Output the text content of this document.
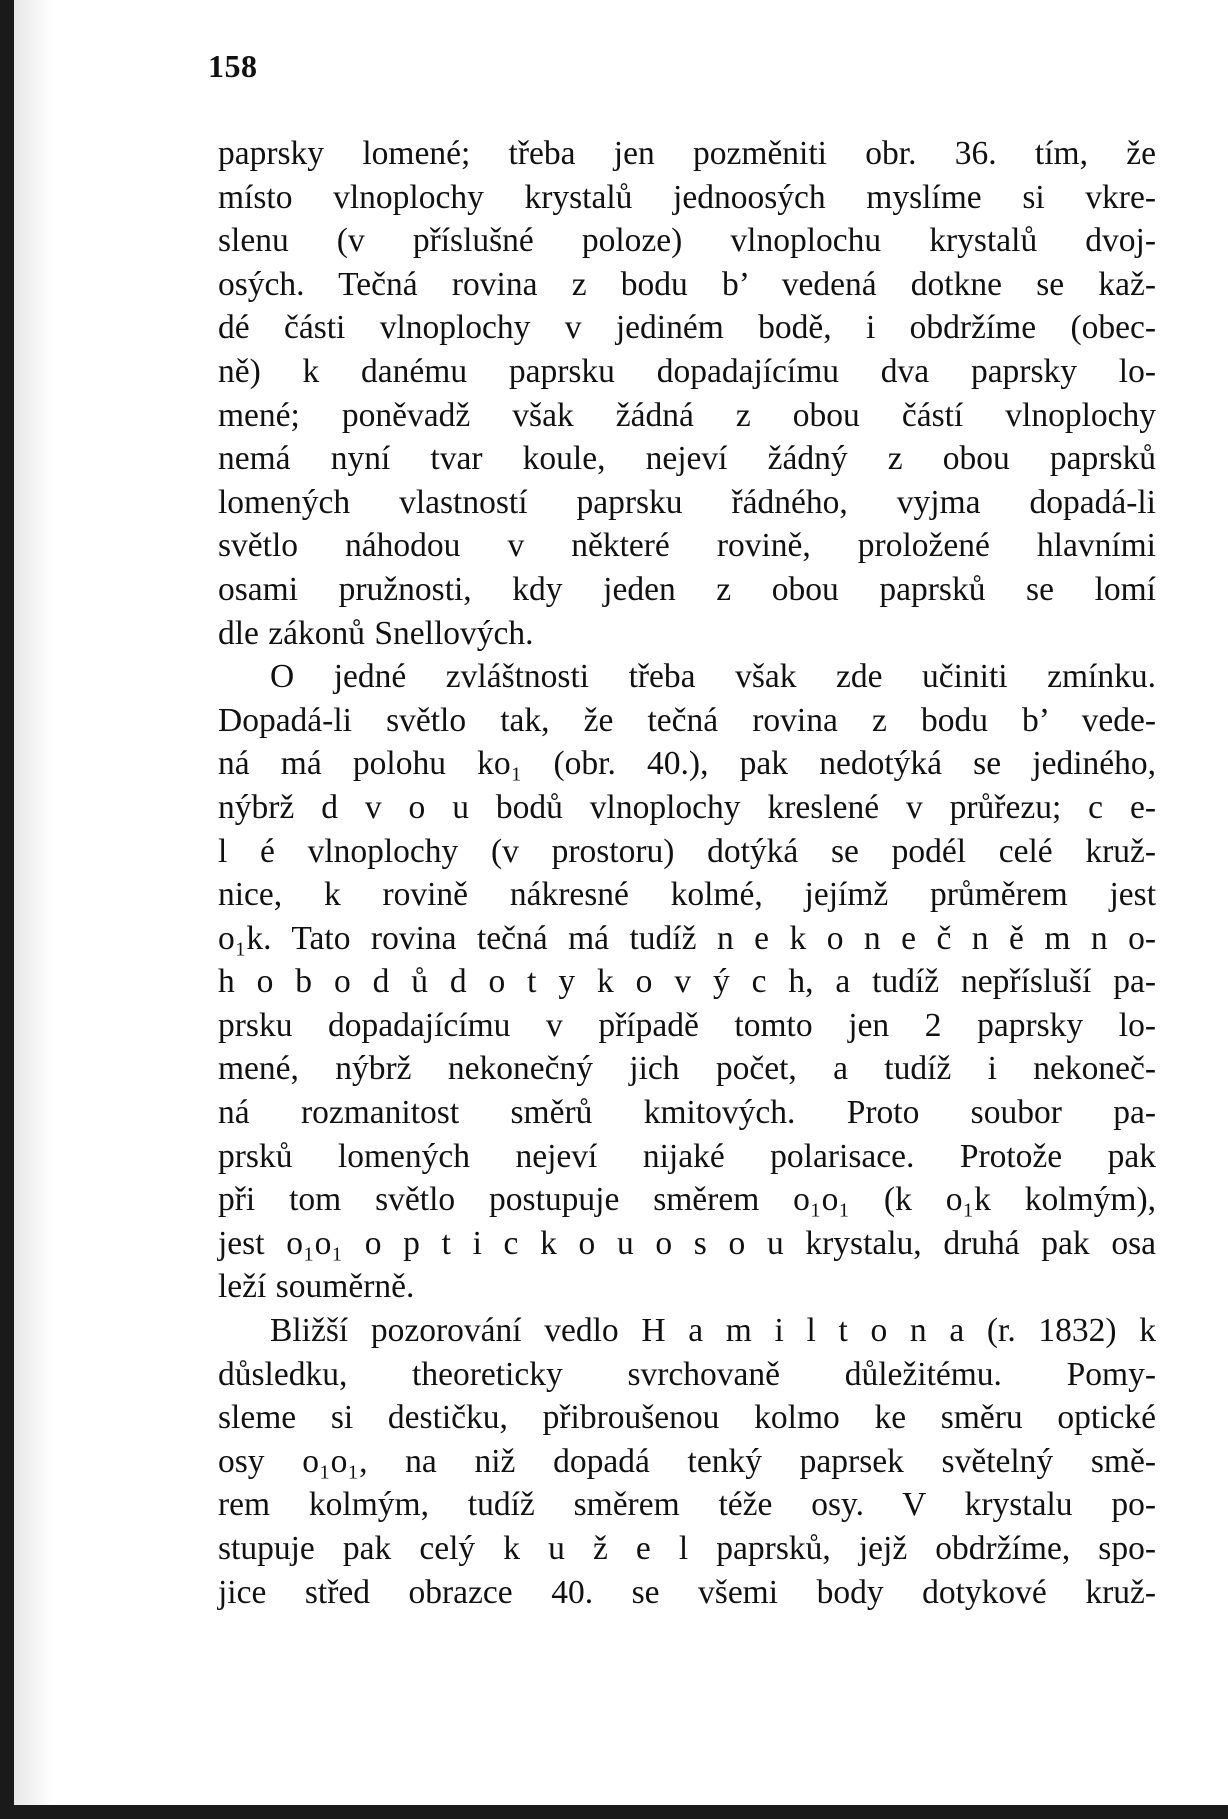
158
paprsky lomené; třeba jen pozměniti obr. 36. tím, že
místo vlnoplochy krystalů jednoosých myslíme si vkre-
slenu (v příslušné poloze) vlnoplochu krystalů dvoj-
osých. Tečná rovina z bodu b’ vedená dotkne se kaž-
dé části vlnoplochy v jediném bodě, i obdržíme (obec-
ně) k danému paprsku dopadajícímu dva paprsky lo-
mené; poněvadž však žádná z obou částí vlnoplochy
nemá nyní tvar koule, nejeví žádný z obou paprsků
lomených vlastností paprsku řádného, vyjma dopadá-li
světlo náhodou v některé rovině, proložené hlavními
osami pružnosti, kdy jeden z obou paprsků se lomí
dle zákonů Snellových.
O jedné zvláštnosti třeba však zde učiniti zmínku.
Dopadá-li světlo tak, že tečná rovina z bodu b’ vede-
ná má polohu ko₁ (obr. 40.), pak nedotýká se jediného,
nýbrž d v o u bodů vlnoplochy kreslené v průřezu; c e-
l é vlnoplochy (v prostoru) dotýká se podél celé kruž-
nice, k rovině nákresné kolmé, jejímž průměrem jest
o₁k. Tato rovina tečná má tudíž n e k o n e č n ě m n o-
h o b o d ů d o t y k o v ý c h, a tudíž nepřísluší pa-
prsku dopadajícímu v případě tomto jen 2 paprsky lo-
mené, nýbrž nekonečný jich počet, a tudíž i nekoneč-
ná rozmanitost směrů kmitových. Proto soubor pa-
prsků lomených nejeví nijaké polarisace. Protože pak
při tom světlo postupuje směrem o₁o₁ (k o₁k kolmým),
jest o₁o₁ o p t i c k o u o s o u krystalu, druhá pak osa
leží souměrně.
Bližší pozorování vedlo H a m i l t o n a (r. 1832) k
důsledku, theoreticky svrchovaně důležitému. Pomy-
sleme si destičku, přibroušenou kolmo ke směru optické
osy o₁o₁, na niž dopadá tenký paprsek světelný smě-
rem kolmým, tudíž směrem téže osy. V krystalu po-
stupuje pak celý k u ž e l paprsků, jejž obdržíme, spo-
jice střed obrazce 40. se všemi body dotykové kruž-
